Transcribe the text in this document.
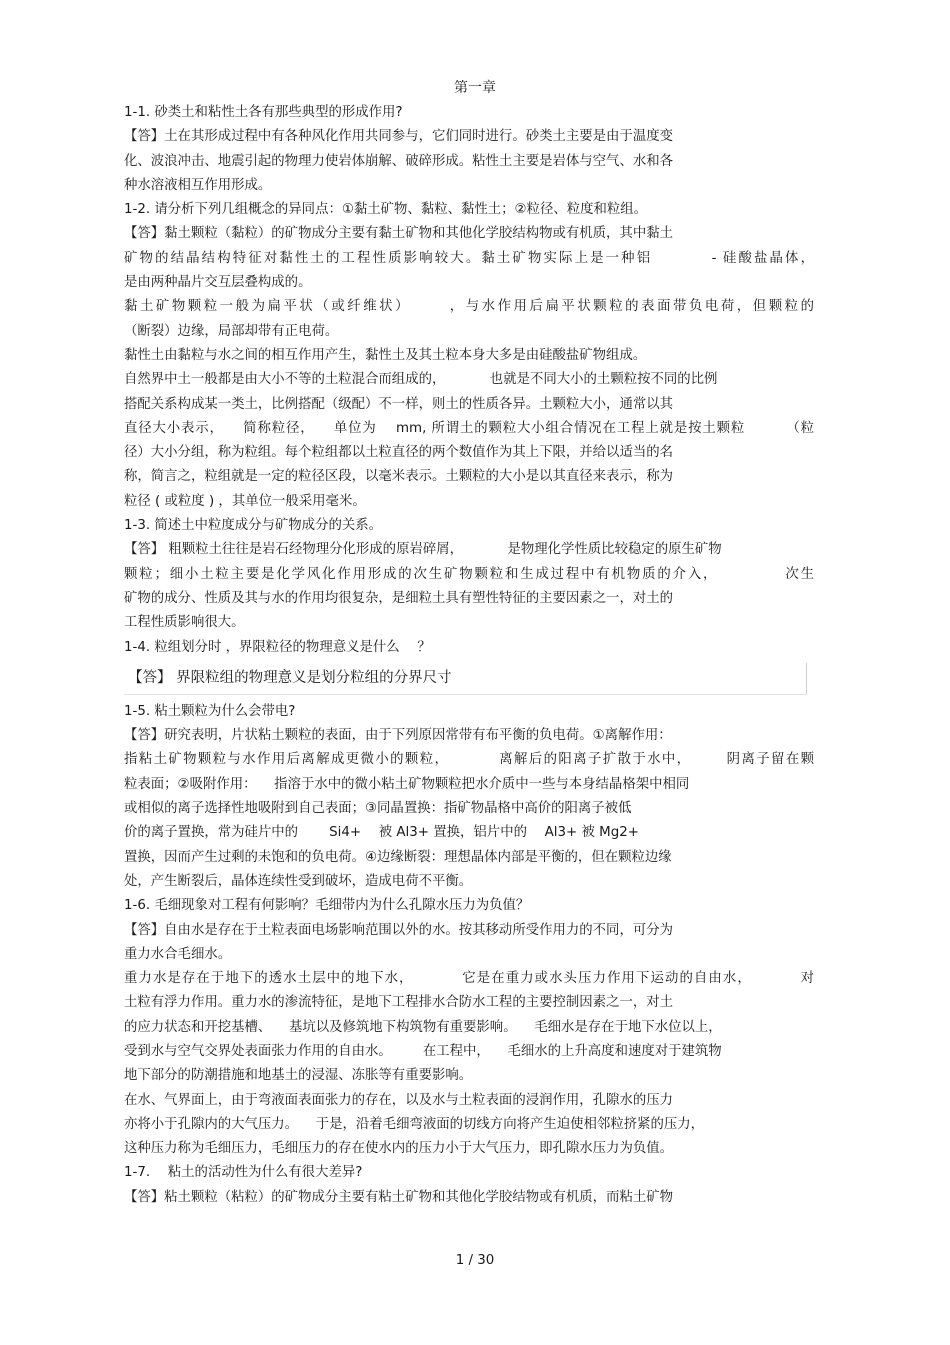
第一章
1-1. 砂类土和粘性土各有那些典型的形成作用?
【答】土在其形成过程中有各种风化作用共同参与，它们同时进行。砂类土主要是由于温度变
化、波浪冲击、地震引起的物理力使岩体崩解、破碎形成。粘性土主要是岩体与空气、水和各
种水溶液相互作用形成。
1-2. 请分析下列几组概念的异同点：①黏土矿物、黏粒、黏性土；②粒径、粒度和粒组。
【答】黏土颗粒（黏粒）的矿物成分主要有黏土矿物和其他化学胶结构物或有机质，其中黏土
矿物的结晶结构特征对黏性土的工程性质影响较大。黏土矿物实际上是一种铝 　　　 - 硅酸盐晶体，
是由两种晶片交互层叠构成的。
黏土矿物颗粒一般为扁平状（或纤维状） 　　，与水作用后扁平状颗粒的表面带负电荷，但颗粒的
（断裂）边缘，局部却带有正电荷。
黏性土由黏粒与水之间的相互作用产生，黏性土及其土粒本身大多是由硅酸盐矿物组成。
自然界中土一般都是由大小不等的土粒混合而组成的， 　　　也就是不同大小的土颗粒按不同的比例
搭配关系构成某一类土，比例搭配（级配）不一样，则土的性质各异。土颗粒大小，通常以其
直径大小表示， 　简称粒径， 　单位为 　mm, 所谓土的颗粒大小组合情况在工程上就是按土颗粒 　　　（粒
径）大小分组，称为粒组。每个粒组都以土粒直径的两个数值作为其上下限，并给以适当的名
称，简言之，粒组就是一定的粒径区段，以毫米表示。土颗粒的大小是以其直径来表示，称为
粒径 ( 或粒度 ) ，其单位一般采用毫米。
1-3. 简述土中粒度成分与矿物成分的关系。
【答】 粗颗粒土往往是岩石经物理分化形成的原岩碎屑， 　　　是物理化学性质比较稳定的原生矿物
颗粒；细小土粒主要是化学风化作用形成的次生矿物颗粒和生成过程中有机物质的介入， 　　　　次生
矿物的成分、性质及其与水的作用均很复杂，是细粒土具有塑性特征的主要因素之一，对土的
工程性质影响很大。
1-4. 粒组划分时 ，界限粒径的物理意义是什么 　？
【答】 界限粒组的物理意义是划分粒组的分界尺寸
1-5. 粘土颗粒为什么会带电?
【答】研究表明，片状粘土颗粒的表面，由于下列原因常带有布平衡的负电荷。①离解作用：
指粘土矿物颗粒与水作用后离解成更微小的颗粒， 　　　离解后的阳离子扩散于水中， 　　阴离子留在颗
粒表面；②吸附作用： 　指溶于水中的微小粘土矿物颗粒把水介质中一些与本身结晶格架中相同
或相似的离子选择性地吸附到自己表面；③同晶置换：指矿物晶格中高价的阳离子被低
价的离子置换，常为硅片中的 　　Si4+ 　被 Al3+ 置换，铝片中的 　Al3+ 被 Mg2+
置换，因而产生过剩的未饱和的负电荷。④边缘断裂：理想晶体内部是平衡的，但在颗粒边缘
处，产生断裂后，晶体连续性受到破坏，造成电荷不平衡。
1-6. 毛细现象对工程有何影响？毛细带内为什么孔隙水压力为负值？
【答】自由水是存在于土粒表面电场影响范围以外的水。按其移动所受作用力的不同，可分为
重力水合毛细水。
重力水是存在于地下的透水土层中的地下水， 　　　它是在重力或水头压力作用下运动的自由水， 　　　对
土粒有浮力作用。重力水的渗流特征，是地下工程排水合防水工程的主要控制因素之一，对土
的应力状态和开挖基槽、 　基坑以及修筑地下构筑物有重要影响。 　毛细水是存在于地下水位以上，
受到水与空气交界处表面张力作用的自由水。 　　在工程中， 　毛细水的上升高度和速度对于建筑物
地下部分的防潮措施和地基土的浸湿、冻胀等有重要影响。
在水、气界面上，由于弯液面表面张力的存在，以及水与土粒表面的浸润作用，孔隙水的压力
亦将小于孔隙内的大气压力。 　于是，沿着毛细弯液面的切线方向将产生迫使相邻粒挤紧的压力，
这种压力称为毛细压力，毛细压力的存在使水内的压力小于大气压力，即孔隙水压力为负值。
1-7. 　粘土的活动性为什么有很大差异?
【答】粘土颗粒（粘粒）的矿物成分主要有粘土矿物和其他化学胶结物或有机质，而粘土矿物
1 / 30
